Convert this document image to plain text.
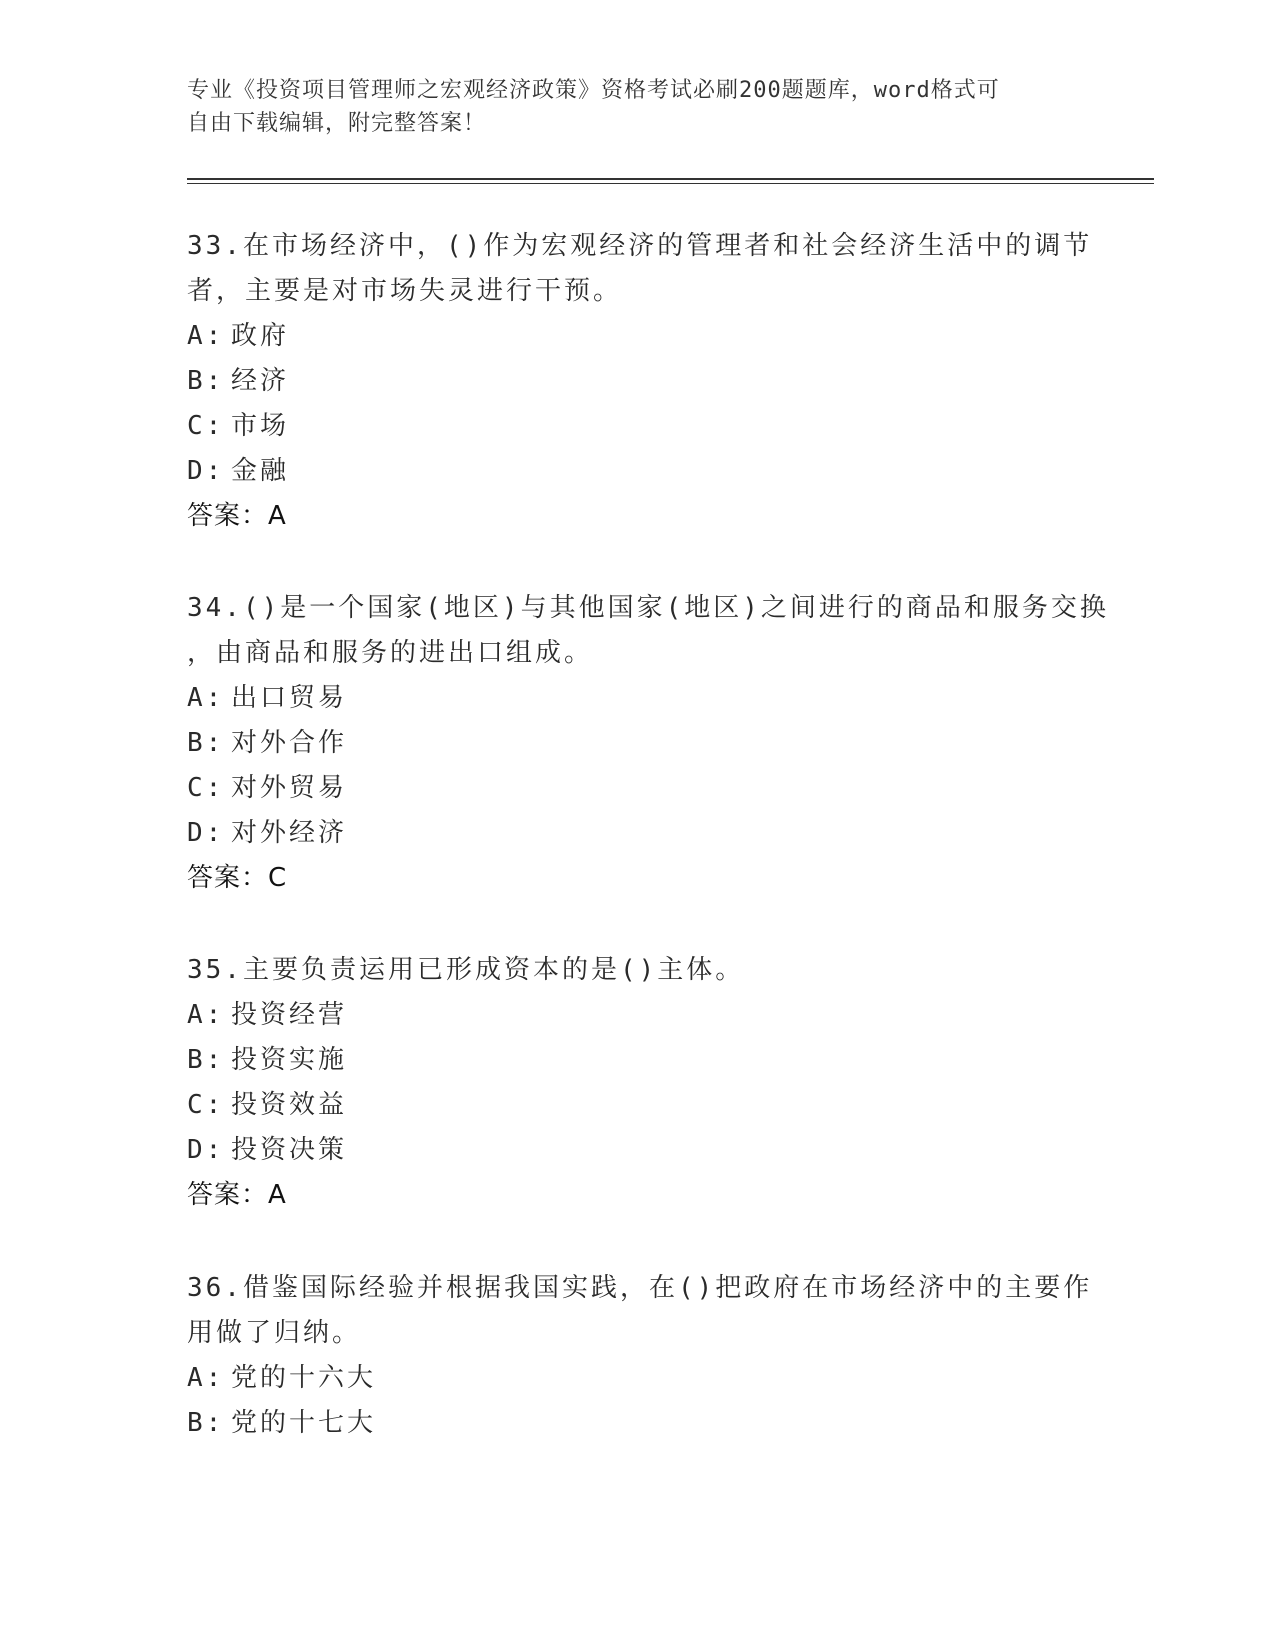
专业《投资项目管理师之宏观经济政策》资格考试必刷200题题库，word格式可
自由下载编辑，附完整答案！
33.在市场经济中，()作为宏观经济的管理者和社会经济生活中的调节
者，主要是对市场失灵进行干预。
A: 政府
B: 经济
C: 市场
D: 金融
答案：A
34.()是一个国家(地区)与其他国家(地区)之间进行的商品和服务交换
，由商品和服务的进出口组成。
A: 出口贸易
B: 对外合作
C: 对外贸易
D: 对外经济
答案：C
35.主要负责运用已形成资本的是()主体。
A: 投资经营
B: 投资实施
C: 投资效益
D: 投资决策
答案：A
36.借鉴国际经验并根据我国实践，在()把政府在市场经济中的主要作
用做了归纳。
A: 党的十六大
B: 党的十七大
